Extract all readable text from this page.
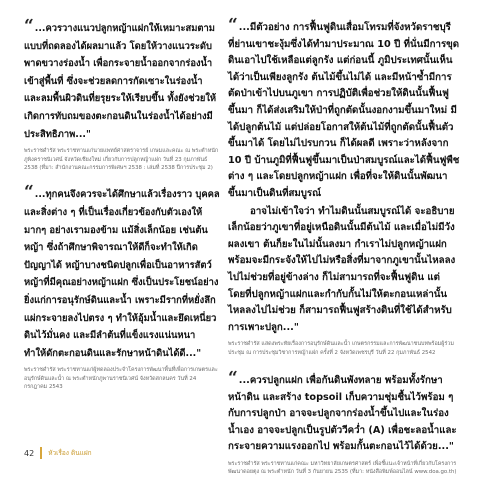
“...ควรวางแนวปลูกหญ้าแฝกให้เหมาะสมตามแบบที่ถดลองได้ผลมาแล้ว โดยให้วางแนวระดับพาดขวางร่องน้ำ เพื่อกระจายน้ำออกจากร่องน้ำเข้าสู่พื้นที่ ซึ่งจะช่วยลดการกัดเซาะในร่องน้ำ และลมพื้นผิวดินที่ยรุยระให้เรียบขึ้น ทั้งยังช่วยให้เกิดการทับถมของตะกอนดินในร่องน้ำได้อย่างมีประสิทธิภาพ..."
พระราชดำรัส พระราชทานแก่นายแพทย์ศาสตราจารย์ เกษมและคณะ ณ พระตำหนักภูพิงคราชนิเวศน์ จังหวัดเชียงใหม่ เกี่ยวกับการปลูกหญ้าแฝก วันที่ 23 กุมภาพันธ์ 2538 (ที่มา: สำนักงานคณะกรรมการพิเศษฯ 2538 : เล่มที่ 2538 ปีการประชุม 2)
“...ทุกคนจึงควรจะได้ศึกษาแล้วเรื่องราว บุคคล และสิ่งต่าง ๆ ที่เป็นเรื่องเกี่ยวข้องกับตัวเองให้มากๆ อย่างเรามองข้าม แม้สิ่งเล็กน้อย เช่นต้นหญ้า ซึ่งถ้าศึกษาพิจารณาให้ดีก็จะทำให้เกิดปัญญาได้ หญ้าบางชนิดปลูกเพื่อเป็นอาหารสัตว์ หญ้าที่มีคุณอย่างหญ้าแฝก ซึ่งเป็นประโยชน์อย่างยิ่งแก่การอนุรักษ์ดินและน้ำ เพราะมีรากที่หยั่งลึก แผ่กระจายลงไปตรง ๆ ทำให้อุ้มน้ำและยึดเหนี่ยวดินไว้มั่นคง และมีลำต้นที่แข็งแรงแน่นหนา ทำให้ดักตะกอนดินและรักษาหน้าดินได้ดี..."
พระราชดำรัส พระราชทานแก่ผู้ทดลองประจำโครงการพัฒนาพื้นที่เพื่อการเกษตรและอนุรักษ์ดินและน้ำ ณ พระตำหนักภูพานราชนิเวศน์ จังหวัดสกลนคร วันที่ 24 กรกฎาคม 2543
“...มีตัวอย่าง การฟื้นฟูดินเสื่อมโทรมที่จังหวัดราชบุรี ที่ย่านเขาชะงุ้มซึ่งได้ทำมาประมาณ 10 ปี ที่นั่นมีการขุดดินเอาไปใช้เหลือแต่ลูกรัง แต่ก่อนนี้ ภูมิประเทศนั้นเห็นได้ว่าเป็นเพียงลูกรัง ต้นไม้ขึ้นไม่ได้ และมีหน้าซ้ำมีการตัดป่าเข้าไปบนภูเขา การปฏิบัติเพื่อช่วยให้ดินนั้นฟื้นฟูขึ้นมา ก็ได้ส่งเสริมให้ป่าที่ถูกตัดนั้นงอกงามขึ้นมาใหม่ มีได้ปลูกต้นไม้ แต่ปล่อยโอกาสให้ต้นไม้ที่ถูกตัดนั้นฟื้นตัวขึ้นมาได้ โดยไม่ไปรบกวน ก็ได้ผลดี เพราะว่าหลังจาก 10 ปี บ้านภูมิที่ฟื้นฟูขึ้นมาเป็นป่าสมบูรณ์และได้ฟื้นฟูพืชต่าง ๆ และโดยปลูกหญ้าแฝก เพื่อที่จะให้ดินนั้นพัฒนาขึ้นมาเป็นดินที่สมบูรณ์
อาจไม่เข้าใจว่า ทำไมดินนั้นสมบูรณ์ได้ จะอธิบายเล็กน้อยว่าภูเขาที่อยู่เหนือดินนั้นมีต้นไม้ และเมื่อไม่มีวังผลงเขา ต้นก็ยะในไม่นั้นลงมา กำเราไม่ปลูกหญ้าแฝกพร้อมจะมีกระจังให้ไปไม่หรือสิ่งที่มาจากภูเขานั้นไหลลงไปไม่ช่วยที่อยู่ข้างล่าง ก็ไม่สามารถที่จะฟื้นฟูดิน แต่โดยที่ปลูกหญ้าแฝกและกำกับกั้นไม่ให้ตะกอนเหล่านั้นไหลลงไปไม่ช่วย ก็สามารถฟื้นฟูสร้างดินที่ใช้ได้สำหรับการเพาะปลูก..."
พระราชดำรัส แสดงพระทัยเรื่องการอนุรักษ์ดินและน้ำ เกษตรกรรมและการพัฒนาชนบทพร้อมผู้ร่วมประชุม ณ การประชุมวิชาการหญ้าแฝก ครั้งที่ 2 จังหวัดเพชรบุรี วันที่ 22 กุมภาพันธ์ 2542
“...ควรปลูกแฝก เพื่อกันดินพังทลาย พร้อมทั้งรักษาหน้าดิน และสร้าง topsoil เก็บความชุ่มชื้นไว้พร้อม ๆ กับการปลูกป่า อาจจะปลูกจากร่องน้ำขึ้นไปและในร่องน้ำเอง อาจจะปลูกเป็นรูปตัววีคว่ำ (A) เพื่อชะลอน้ำและกระจายความแรงออกไป พร้อมกั้นตะกอนไว้ได้ด้วย..."
พระราชดำรัส พระราชทานแก่คณะ มหาวิทยาลัยเกษตรศาสตร์ เพื่อชี้แนะเจ้าหน้าที่เกี่ยวกับโครงการพัฒนาดอยตุง ณ พระตำหนัก วันที่ 3 กันยายน 2535 (ที่มา: หนังสือพิมพ์ออนไลน์ www.doa.go.th)
42 หัวเรื่อง ดินแฝก
